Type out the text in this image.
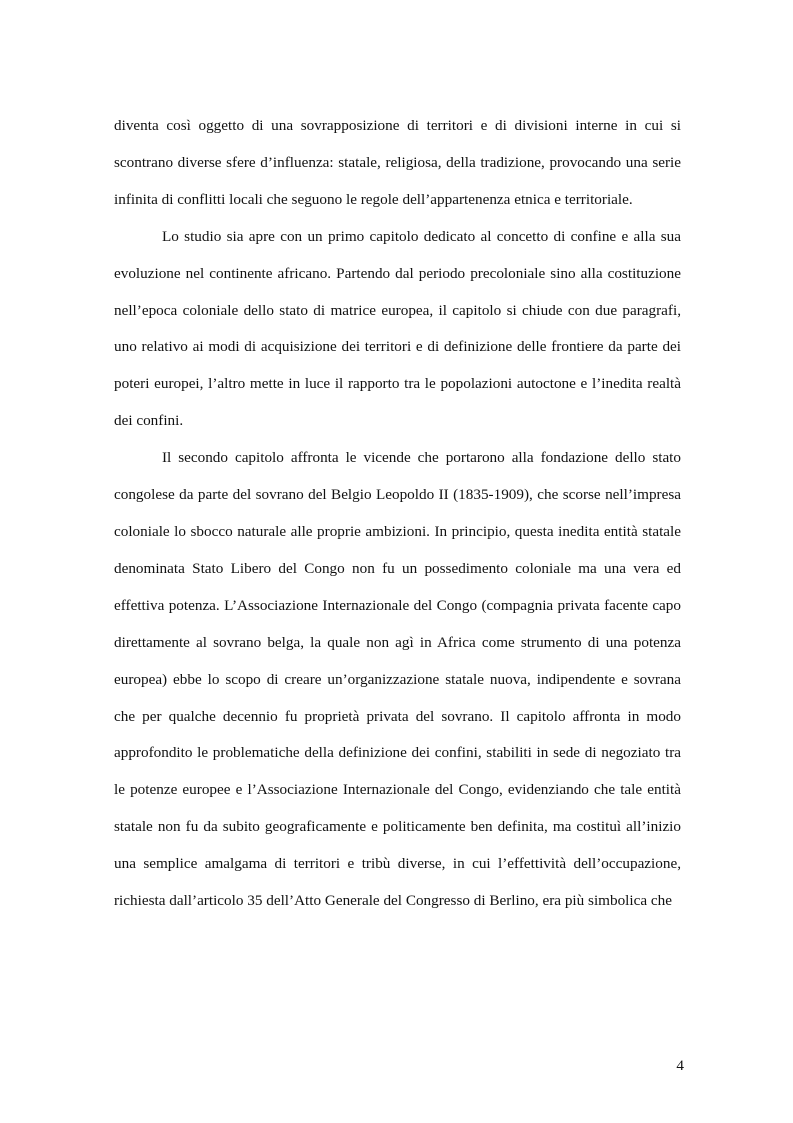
diventa così oggetto di una sovrapposizione di territori e di divisioni interne in cui si scontrano diverse sfere d’influenza: statale, religiosa, della tradizione, provocando una serie infinita di conflitti locali che seguono le regole dell’appartenenza etnica e territoriale.

Lo studio sia apre con un primo capitolo dedicato al concetto di confine e alla sua evoluzione nel continente africano. Partendo dal periodo precoloniale sino alla costituzione nell’epoca coloniale dello stato di matrice europea, il capitolo si chiude con due paragrafi, uno relativo ai modi di acquisizione dei territori e di definizione delle frontiere da parte dei poteri europei, l’altro mette in luce il rapporto tra le popolazioni autoctone e l’inedita realtà dei confini.

Il secondo capitolo affronta le vicende che portarono alla fondazione dello stato congolese da parte del sovrano del Belgio Leopoldo II (1835-1909), che scorse nell’impresa coloniale lo sbocco naturale alle proprie ambizioni. In principio, questa inedita entità statale denominata Stato Libero del Congo non fu un possedimento coloniale ma una vera ed effettiva potenza. L’Associazione Internazionale del Congo (compagnia privata facente capo direttamente al sovrano belga, la quale non agì in Africa come strumento di una potenza europea) ebbe lo scopo di creare un’organizzazione statale nuova, indipendente e sovrana che per qualche decennio fu proprietà privata del sovrano. Il capitolo affronta in modo approfondito le problematiche della definizione dei confini, stabiliti in sede di negoziato tra le potenze europee e l’Associazione Internazionale del Congo, evidenziando che tale entità statale non fu da subito geograficamente e politicamente ben definita, ma costituì all’inizio una semplice amalgama di territori e tribù diverse, in cui l’effettività dell’occupazione, richiesta dall’articolo 35 dell’Atto Generale del Congresso di Berlino, era più simbolica che

4
